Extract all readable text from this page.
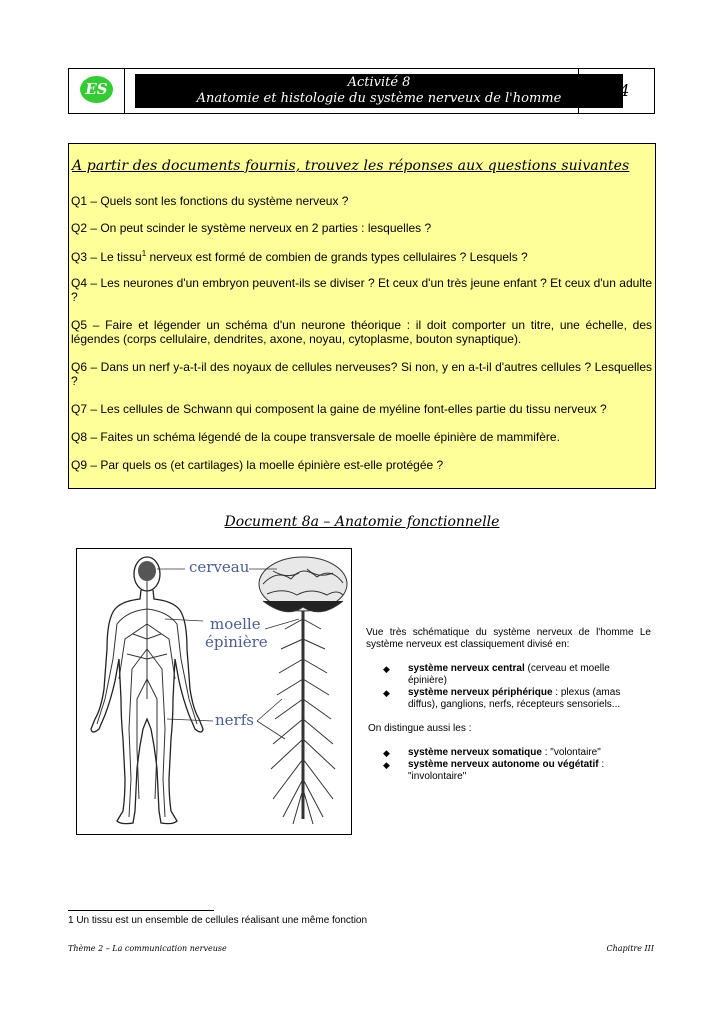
ES	Activité 8
Anatomie et histologie du système nerveux de l'homme	1/4
A partir des documents fournis, trouvez les réponses aux questions suivantes
Q1 – Quels sont les fonctions du système nerveux ?
Q2 – On peut scinder le système nerveux en 2 parties : lesquelles ?
Q3 – Le tissu$^1$ nerveux est formé de combien de grands types cellulaires ? Lesquels ?
Q4 – Les neurones d'un embryon peuvent-ils se diviser ? Et ceux d'un très jeune enfant ? Et ceux d'un adulte ?
Q5 – Faire et légender un schéma d'un neurone théorique : il doit comporter un titre, une échelle, des légendes (corps cellulaire, dendrites, axone, noyau, cytoplasme, bouton synaptique).
Q6 – Dans un nerf y-a-t-il des noyaux de cellules nerveuses? Si non, y en a-t-il d'autres cellules ? Lesquelles ?
Q7 – Les cellules de Schwann qui composent la gaine de myéline font-elles partie du tissu nerveux ?
Q8 – Faites un schéma légendé de la coupe transversale de moelle épinière de mammifère.
Q9 – Par quels os (et cartilages) la moelle épinière est-elle protégée ?
Document 8a – Anatomie fonctionnelle
cerveau
moelle
épinière
nerfs

Vue très schématique du système nerveux de l'homme Le système nerveux est classiquement divisé en:

◆ système nerveux central (cerveau et moelle épinière)
◆ système nerveux périphérique : plexus (amas diffus), ganglions, nerfs, récepteurs sensoriels...

On distingue aussi les :

◆ système nerveux somatique : "volontaire"
◆ système nerveux autonome ou végétatif : "involontaire"
1 Un tissu est un ensemble de cellules réalisant une même fonction
Thème 2 – La communication nerveuse	Chapitre III
